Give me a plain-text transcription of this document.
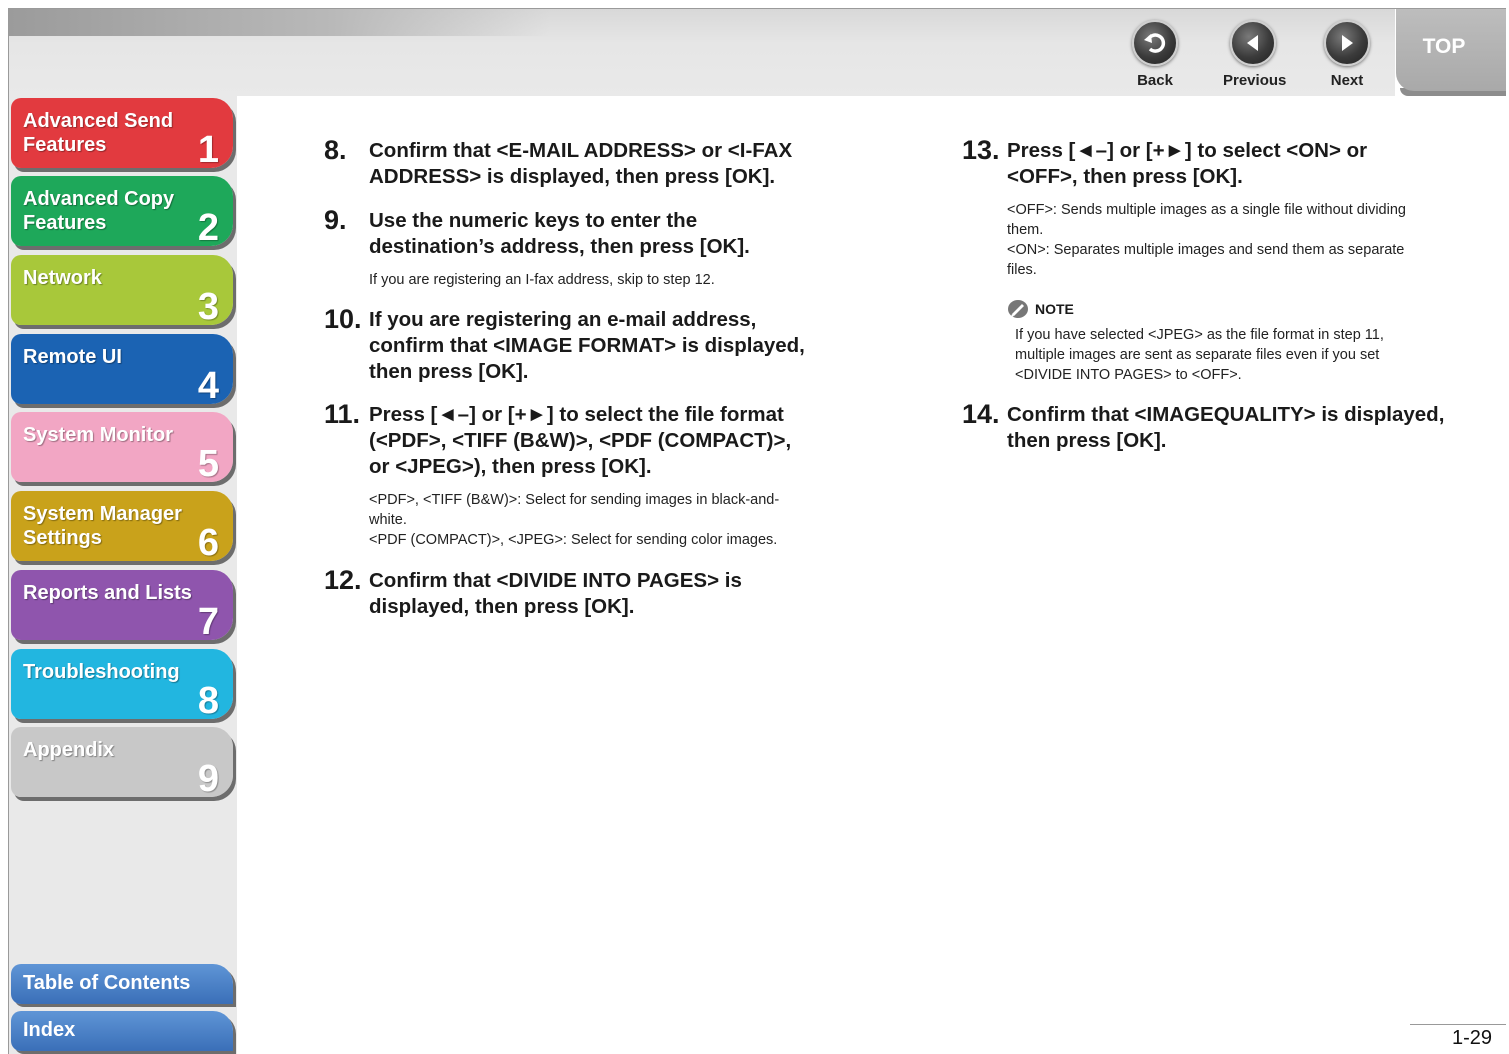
Back	Previous	Next
TOP
Advanced Send Features	1
Advanced Copy Features	2
Network
3
Remote UI
4
System Monitor
5
System Manager Settings	6
Reports and Lists
7
Troubleshooting
8
Appendix
9
Table of Contents
Index
8. Confirm that <E-MAIL ADDRESS> or <I-FAX
ADDRESS> is displayed, then press [OK].
9. Use the numeric keys to enter the
destination’s address, then press [OK].
If you are registering an I-fax address, skip to step 12.
10. If you are registering an e-mail address,
confirm that <IMAGE FORMAT> is displayed,
then press [OK].
11. Press [◄–] or [+►] to select the file format
(<PDF>, <TIFF (B&W)>, <PDF (COMPACT)>,
or <JPEG>), then press [OK].
<PDF>, <TIFF (B&W)>: Select for sending images in black-and-
white.
<PDF (COMPACT)>, <JPEG>: Select for sending color images.
12. Confirm that <DIVIDE INTO PAGES> is
displayed, then press [OK].
13. Press [◄–] or [+►] to select <ON> or
<OFF>, then press [OK].
<OFF>: Sends multiple images as a single file without dividing
them.
<ON>: Separates multiple images and send them as separate
files.
NOTE
If you have selected <JPEG> as the file format in step 11,
multiple images are sent as separate files even if you set
<DIVIDE INTO PAGES> to <OFF>.
14. Confirm that <IMAGEQUALITY> is displayed,
then press [OK].
1-29
